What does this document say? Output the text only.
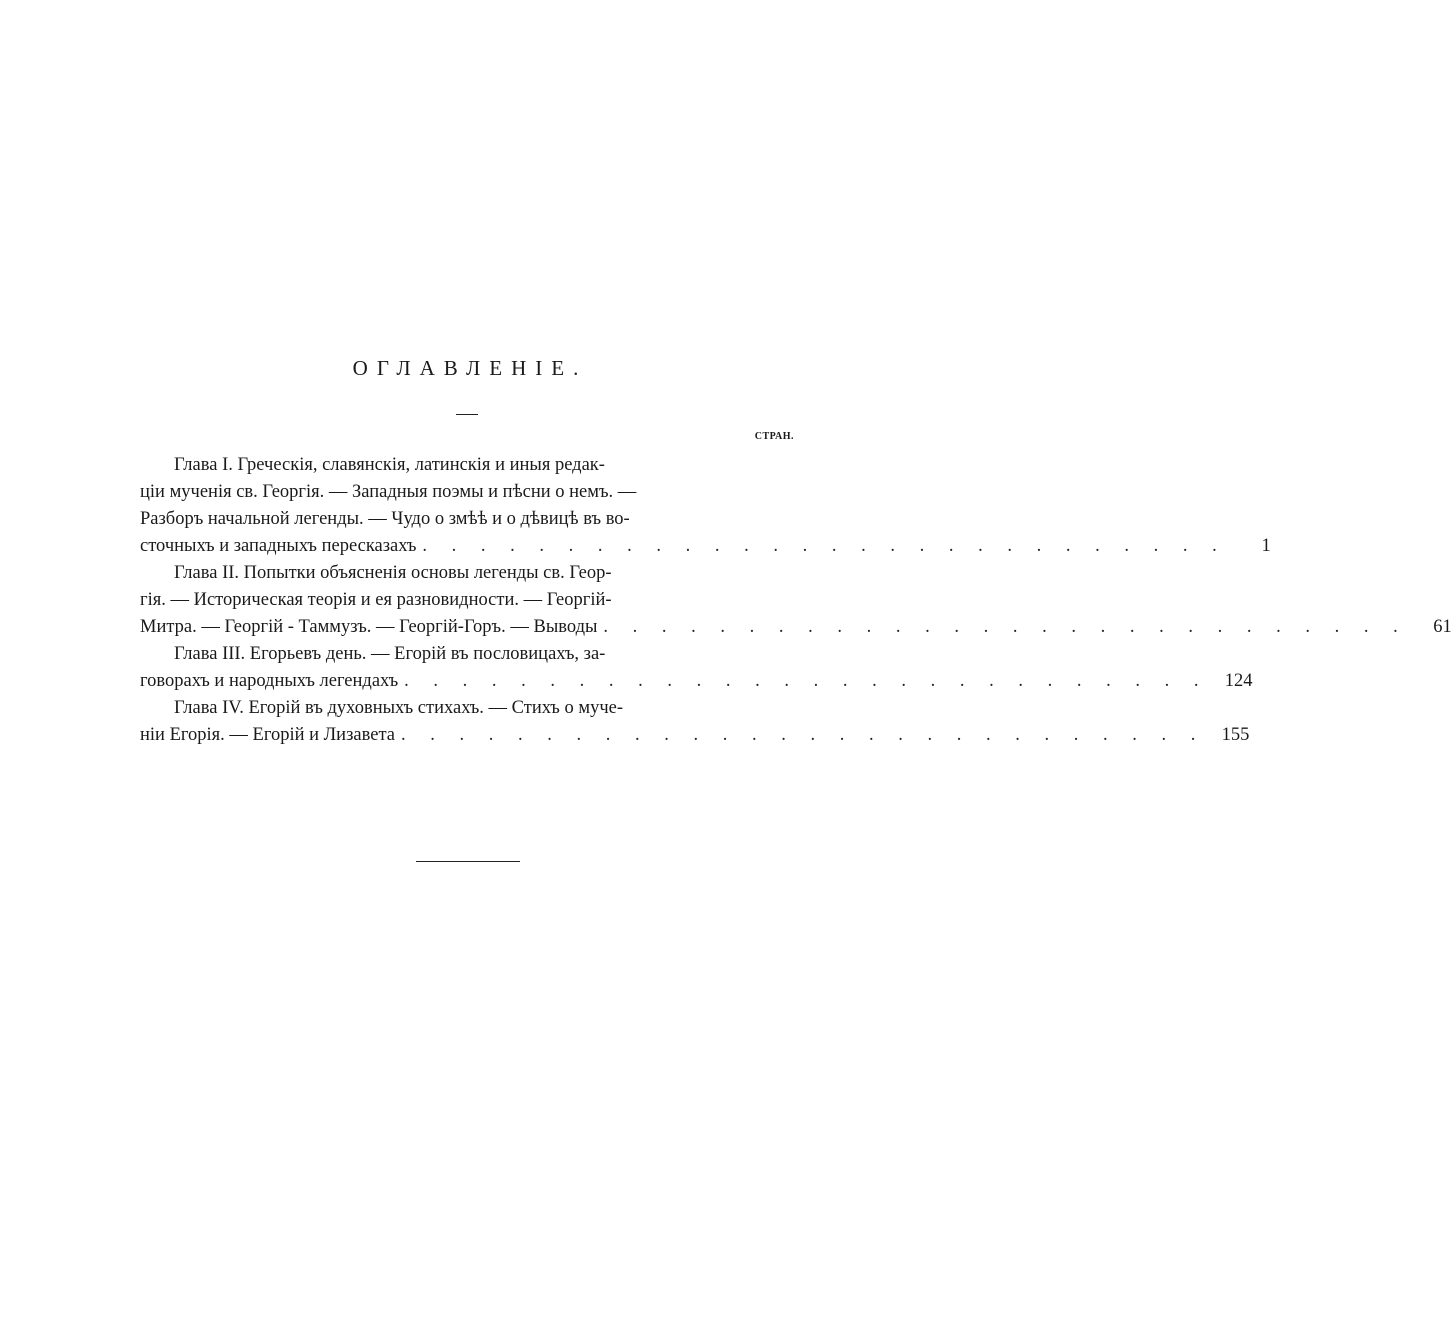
ОГЛАВЛЕНІЕ.
СТРАН.
Глава I. Греческія, славянскія, латинскія и иныя редак-
ціи мученія св. Георгія. — Западныя поэмы и пѣсни о немъ. —
Разборъ начальной легенды. — Чудо о змѣѣ и о дѣвицѣ въ во-
сточныхъ и западныхъ пересказахъ . . . . . . . . . . . . . . . . . . . . . . . . . . . .	1
Глава II. Попытки объясненія основы легенды св. Геор-
гія. — Историческая теорія и ея разновидности. — Георгій-
Митра. — Георгій - Таммузъ. — Георгій-Горъ. — Выводы . . . . . . . . . . . . . . . . . . . . . . . . . . . .	61
Глава III. Егорьевъ день. — Егорій въ пословицахъ, за-
говорахъ и народныхъ легендахъ . . . . . . . . . . . . . . . . . . . . . . . . . . . . 124
Глава IV. Егорій въ духовныхъ стихахъ. — Стихъ о муче-
ніи Егорія. — Егорій и Лизавета . . . . . . . . . . . . . . . . . . . . . . . . . . . . 155
